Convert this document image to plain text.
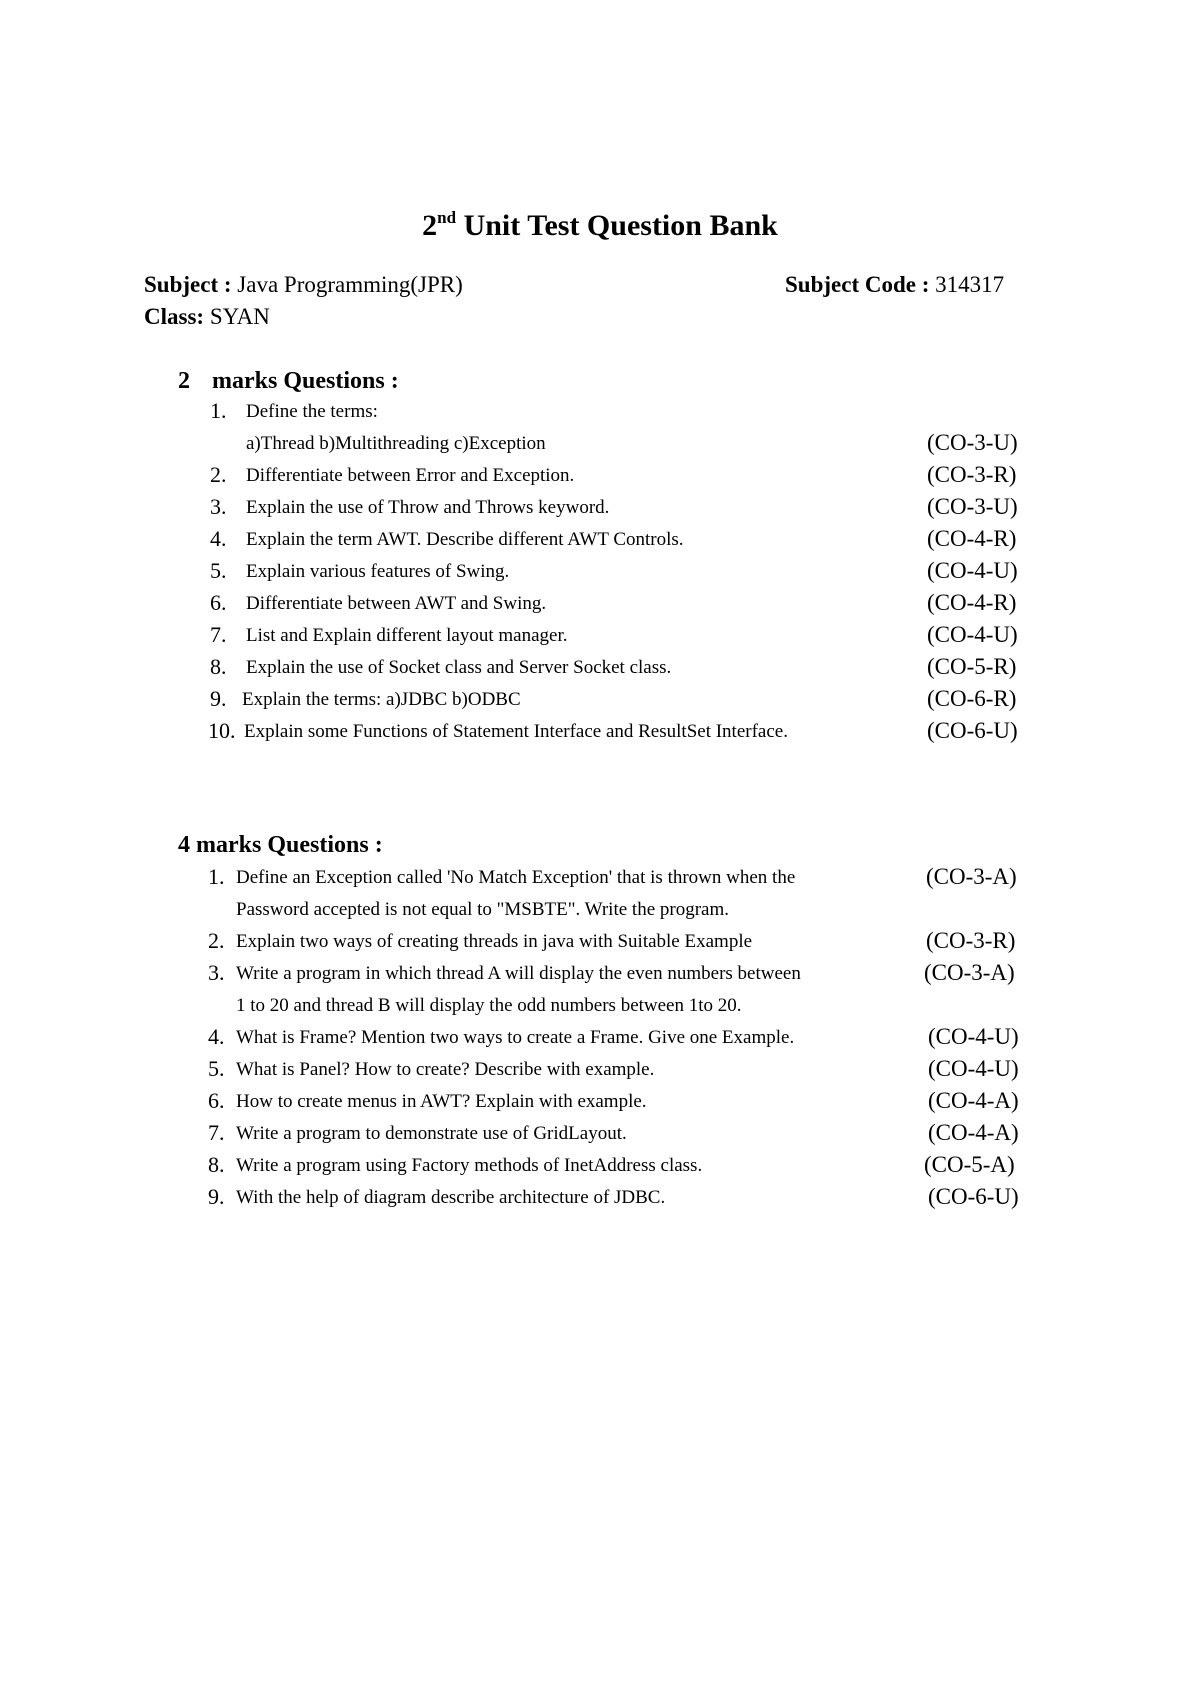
2nd Unit Test Question Bank
Subject : Java Programming(JPR)	Subject Code : 314317
Class: SYAN
2 marks Questions :
1. Define the terms:
a)Thread b)Multithreading c)Exception	(CO-3-U)
2. Differentiate between Error and Exception.	(CO-3-R)
3. Explain the use of Throw and Throws keyword.	(CO-3-U)
4. Explain the term AWT. Describe different AWT Controls.	(CO-4-R)
5. Explain various features of Swing.	(CO-4-U)
6. Differentiate between AWT and Swing.	(CO-4-R)
7. List and Explain different layout manager.	(CO-4-U)
8. Explain the use of Socket class and Server Socket class.	(CO-5-R)
9. Explain the terms: a)JDBC b)ODBC	(CO-6-R)
10. Explain some Functions of Statement Interface and ResultSet Interface.	(CO-6-U)
4 marks Questions :
1. Define an Exception called 'No Match Exception' that is thrown when the	(CO-3-A)
Password accepted is not equal to "MSBTE". Write the program.
2. Explain two ways of creating threads in java with Suitable Example	(CO-3-R)
3. Write a program in which thread A will display the even numbers between	(CO-3-A)
1 to 20 and thread B will display the odd numbers between 1to 20.
4. What is Frame? Mention two ways to create a Frame. Give one Example.	(CO-4-U)
5. What is Panel? How to create? Describe with example.	(CO-4-U)
6. How to create menus in AWT? Explain with example.	(CO-4-A)
7. Write a program to demonstrate use of GridLayout.	(CO-4-A)
8. Write a program using Factory methods of InetAddress class.	(CO-5-A)
9. With the help of diagram describe architecture of JDBC.	(CO-6-U)
